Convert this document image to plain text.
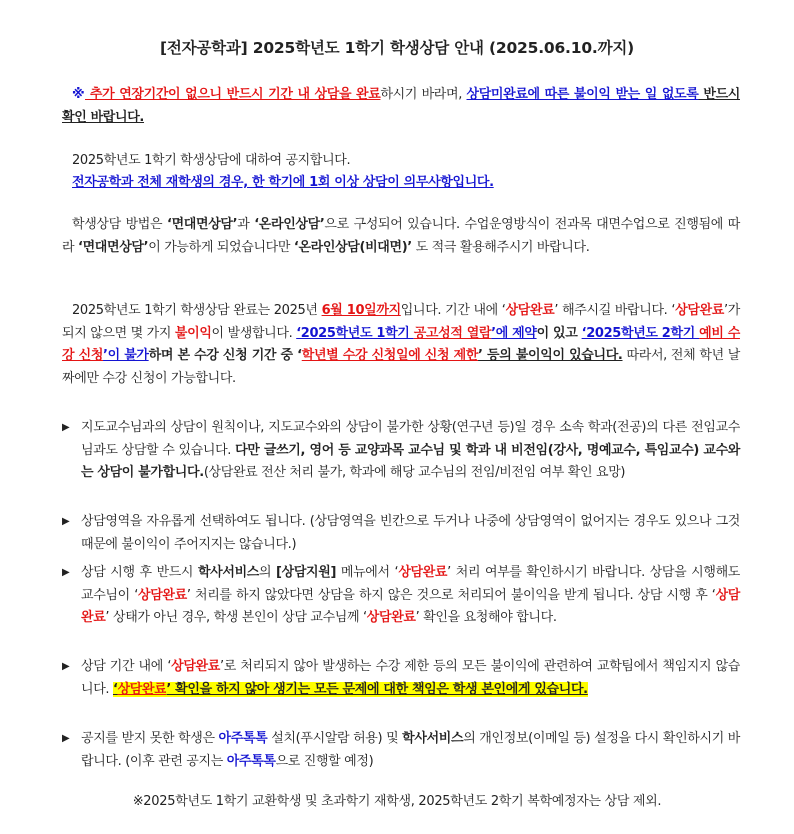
[전자공학과] 2025학년도 1학기 학생상담 안내 (2025.06.10.까지)
※ 추가 연장기간이 없으니 반드시 기간 내 상담을 완료하시기 바라며, 상담미완료에 따른 불이익 받는 일 없도록 반드시 확인 바랍니다.
2025학년도 1학기 학생상담에 대하여 공지합니다.
전자공학과 전체 재학생의 경우, 한 학기에 1회 이상 상담이 의무사항입니다.
학생상담 방법은 ‘면대면상담’과 ‘온라인상담’으로 구성되어 있습니다. 수업운영방식이 전과목 대면수업으로 진행됨에 따라 ‘면대면상담’이 가능하게 되었습니다만 ‘온라인상담(비대면)’ 도 적극 활용해주시기 바랍니다.
2025학년도 1학기 학생상담 완료는 2025년 6월 10일까지입니다. 기간 내에 ‘상담완료’ 해주시길 바랍니다. ‘상담완료’가 되지 않으면 몇 가지 불이익이 발생합니다. ‘2025학년도 1학기 공고성적 열람’에 제약이 있고 ‘2025학년도 2학기 예비 수강 신청’이 불가하며 본 수강 신청 기간 중 ‘학년별 수강 신청일에 신청 제한’ 등의 불이익이 있습니다. 따라서, 전체 학년 날짜에만 수강 신청이 가능합니다.
▶ 지도교수님과의 상담이 원칙이나, 지도교수와의 상담이 불가한 상황(연구년 등)일 경우 소속 학과(전공)의 다른 전임교수님과도 상담할 수 있습니다. 다만 글쓰기, 영어 등 교양과목 교수님 및 학과 내 비전임(강사, 명예교수, 특임교수) 교수와는 상담이 불가합니다.(상담완료 전산 처리 불가, 학과에 해당 교수님의 전임/비전임 여부 확인 요망)
▶ 상담영역을 자유롭게 선택하여도 됩니다. (상담영역을 빈칸으로 두거나 나중에 상담영역이 없어지는 경우도 있으나 그것 때문에 불이익이 주어지지는 않습니다.)
▶ 상담 시행 후 반드시 학사서비스의 [상담지원] 메뉴에서 ‘상담완료’ 처리 여부를 확인하시기 바랍니다. 상담을 시행해도 교수님이 ‘상담완료’ 처리를 하지 않았다면 상담을 하지 않은 것으로 처리되어 불이익을 받게 됩니다. 상담 시행 후 ‘상담완료’ 상태가 아닌 경우, 학생 본인이 상담 교수님께 ‘상담완료’ 확인을 요청해야 합니다.
▶ 상담 기간 내에 ‘상담완료’로 처리되지 않아 발생하는 수강 제한 등의 모든 불이익에 관련하여 교학팀에서 책임지지 않습니다. ‘상담완료’ 확인을 하지 않아 생기는 모든 문제에 대한 책임은 학생 본인에게 있습니다.
▶ 공지를 받지 못한 학생은 아주톡톡 설치(푸시알람 허용) 및 학사서비스의 개인정보(이메일 등) 설정을 다시 확인하시기 바랍니다. (이후 관련 공지는 아주톡톡으로 진행할 예정)
※2025학년도 1학기 교환학생 및 초과학기 재학생, 2025학년도 2학기 복학예정자는 상담 제외.
